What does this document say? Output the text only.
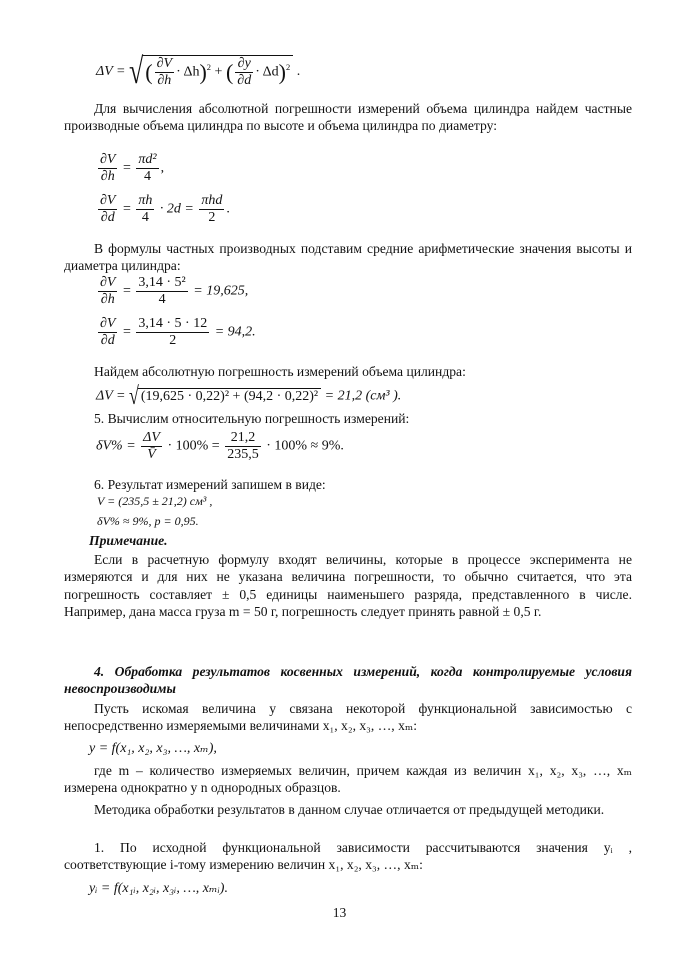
ΔV = √( $\frac{\partial V}{\partial h} \cdot \Delta h)^2$ + ( $\frac{\partial y}{\partial d} \cdot \Delta d)^2$ .
Для вычисления абсолютной погрешности измерений объема цилиндра найдем частные производные объема цилиндра по высоте и объема цилиндра по диаметру:
$\frac{\partial V}{\partial h} = \frac{\text{πd²}}{4}$ ,
$\frac{\partial V}{\partial d} = \frac{\pi h}{4} \cdot 2d = \frac{\text{πhd}}{2}$ .
В формулы частных производных подставим средние арифметические значения высоты и диаметра цилиндра:
$\frac{\partial V}{\partial h} = \frac{\text{3,14 · 5²}}{4} = 19,625$,
$\frac{\partial V}{\partial d} = \frac{3,14 \cdot 5 \cdot 12}{2} = 94,2$.
Найдем абсолютную погрешность измерений объема цилиндра:
ΔV = √ (19,625 · 0,22)² + (94,2 · 0,22)² = 21,2 (см³ ).
5. Вычислим относительную погрешность измерений:
$\delta V\% = \frac{\Delta V}{V̄} \cdot 100\% = \frac{21,2}{235,5} \cdot 100\% \approx 9\%$.
6. Результат измерений запишем в виде:
V = (235,5 ± 21,2) см³ ,
δV% ≈ 9%, p = 0,95.
Примечание.
Если в расчетную формулу входят величины, которые в процессе эксперимента не измеряются и для них не указана величина погрешности, то обычно считается, что эта погрешность составляет ± 0,5 единицы наименьшего разряда, представленного в числе. Например, дана масса груза m = 50 г, погрешность следует принять равной ± 0,5 г.
4. Обработка результатов косвенных измерений, когда контролируемые условия невоспроизводимы
Пусть искомая величина y связана некоторой функциональной зависимостью с непосредственно измеряемыми величинами x₁, x₂, x₃, …, xₘ:
y = f(x₁, x₂, x₃, …, xₘ),
где m – количество измеряемых величин, причем каждая из величин x₁, x₂, x₃, …, xₘ измерена однократно у n однородных образцов.
Методика обработки результатов в данном случае отличается от предыдущей методики.
1. По исходной функциональной зависимости рассчитываются значения yᵢ , соответствующие i-тому измерению величин x₁, x₂, x₃, …, xₘ:
yᵢ = f(x₁ᵢ, x₂ᵢ, x₃ᵢ, …, xₘᵢ).
13
